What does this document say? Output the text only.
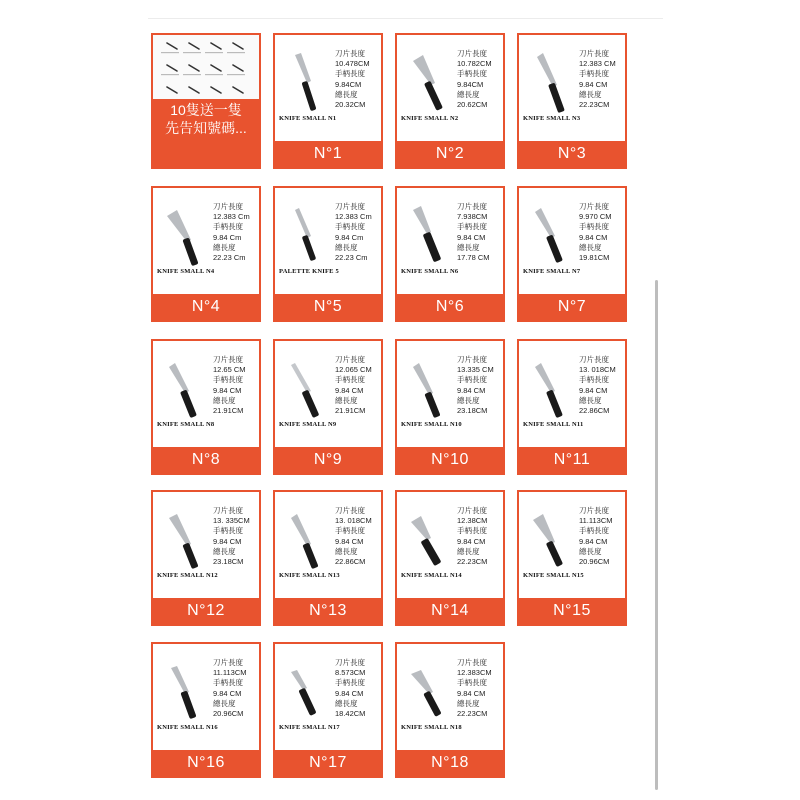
10隻送一隻
先告知號碼...
KNIFE SMALL N1
刀片長度
10.478CM
手柄長度
9.84CM
總長度
20.32CM
N°1
KNIFE SMALL N2
刀片長度
10.782CM
手柄長度
9.84CM
總長度
20.62CM
N°2
KNIFE SMALL N3
刀片長度
12.383 CM
手柄長度
9.84 CM
總長度
22.23CM
N°3
KNIFE SMALL N4
刀片長度
12.383 Cm
手柄長度
9.84 Cm
總長度
22.23 Cm
N°4
PALETTE KNIFE 5
刀片長度
12.383 Cm
手柄長度
9.84 Cm
總長度
22.23 Cm
N°5
KNIFE SMALL N6
刀片長度
7.938CM
手柄長度
9.84 CM
總長度
17.78 CM
N°6
KNIFE SMALL N7
刀片長度
9.970 CM
手柄長度
9.84 CM
總長度
19.81CM
N°7
KNIFE SMALL N8
刀片長度
12.65 CM
手柄長度
9.84 CM
總長度
21.91CM
N°8
KNIFE SMALL N9
刀片長度
12.065 CM
手柄長度
9.84 CM
總長度
21.91CM
N°9
KNIFE SMALL N10
刀片長度
13.335 CM
手柄長度
9.84 CM
總長度
23.18CM
N°10
KNIFE SMALL N11
刀片長度
13. 018CM
手柄長度
9.84 CM
總長度
22.86CM
N°11
KNIFE SMALL N12
刀片長度
13. 335CM
手柄長度
9.84 CM
總長度
23.18CM
N°12
KNIFE SMALL N13
刀片長度
13. 018CM
手柄長度
9.84 CM
總長度
22.86CM
N°13
KNIFE SMALL N14
刀片長度
12.38CM
手柄長度
9.84 CM
總長度
22.23CM
N°14
KNIFE SMALL N15
刀片長度
11.113CM
手柄長度
9.84 CM
總長度
20.96CM
N°15
KNIFE SMALL N16
刀片長度
11.113CM
手柄長度
9.84 CM
總長度
20.96CM
N°16
KNIFE SMALL N17
刀片長度
8.573CM
手柄長度
9.84 CM
總長度
18.42CM
N°17
KNIFE SMALL N18
刀片長度
12.383CM
手柄長度
9.84 CM
總長度
22.23CM
N°18
